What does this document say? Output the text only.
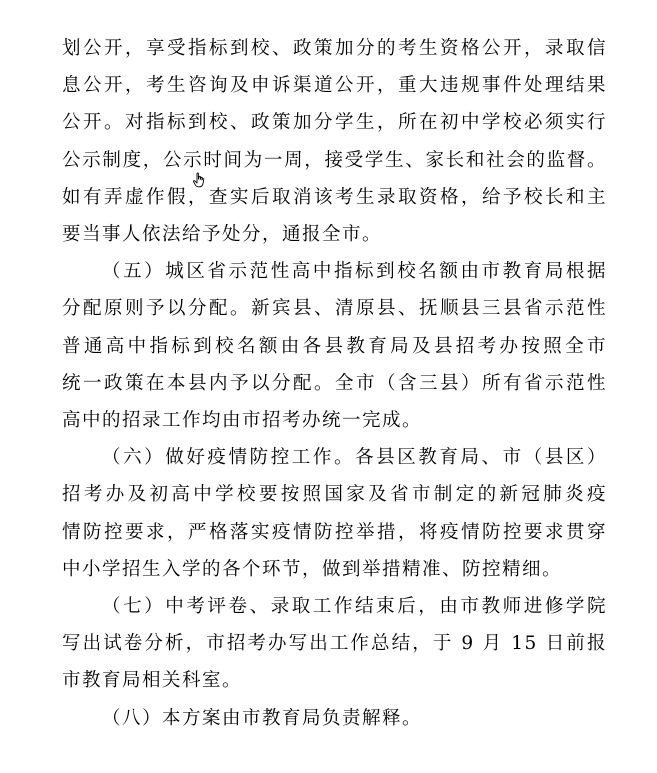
划公开，享受指标到校、政策加分的考生资格公开，录取信
息公开，考生咨询及申诉渠道公开，重大违规事件处理结果
公开。对指标到校、政策加分学生，所在初中学校必须实行
公示制度，公示时间为一周，接受学生、家长和社会的监督。
如有弄虚作假，查实后取消该考生录取资格，给予校长和主
要当事人依法给予处分，通报全市。

（五）城区省示范性高中指标到校名额由市教育局根据
分配原则予以分配。新宾县、清原县、抚顺县三县省示范性
普通高中指标到校名额由各县教育局及县招考办按照全市
统一政策在本县内予以分配。全市（含三县）所有省示范性
高中的招录工作均由市招考办统一完成。

（六）做好疫情防控工作。各县区教育局、市（县区）
招考办及初高中学校要按照国家及省市制定的新冠肺炎疫
情防控要求，严格落实疫情防控举措，将疫情防控要求贯穿
中小学招生入学的各个环节，做到举措精准、防控精细。

（七）中考评卷、录取工作结束后，由市教师进修学院
写出试卷分析，市招考办写出工作总结，于 9 月 15 日前报
市教育局相关科室。

（八）本方案由市教育局负责解释。
